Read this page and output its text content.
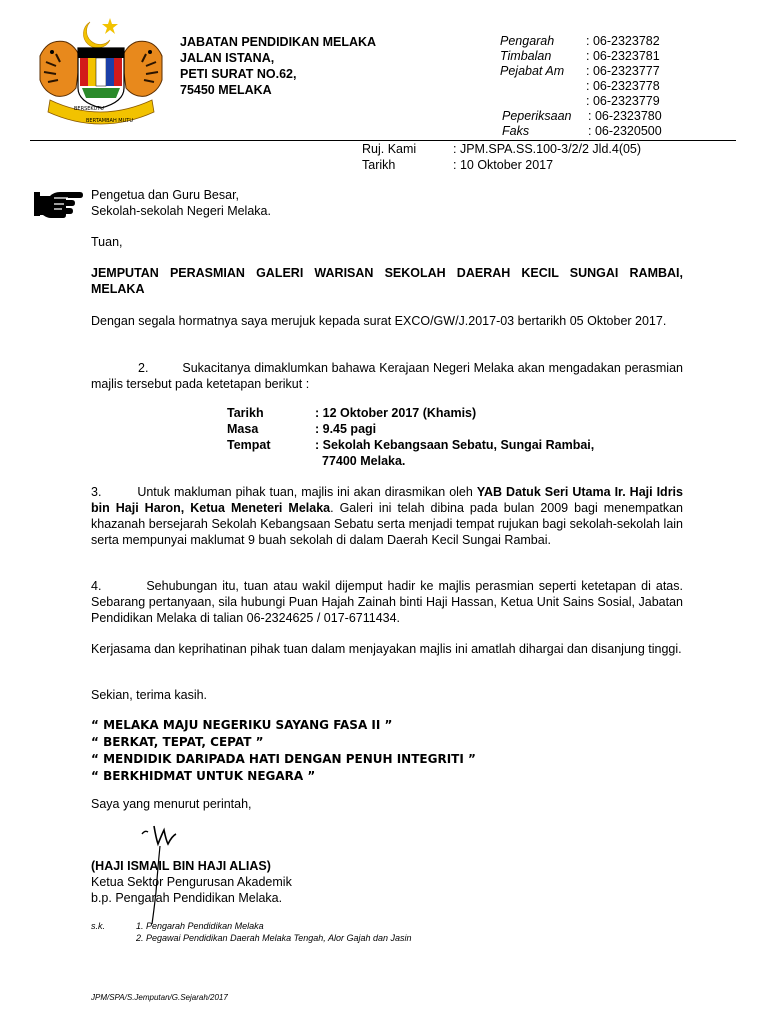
BERSEKUTU
BERTAMBAH MUTU
JABATAN PENDIDIKAN MELAKA
JALAN ISTANA,
PETI SURAT NO.62,
75450 MELAKA
Pengarah	: 06-2323782
Timbalan	: 06-2323781
Pejabat Am : 06-2323777
: 06-2323778
: 06-2323779
Peperiksaan : 06-2323780
Faks	: 06-2320500
Ruj. Kami	: JPM.SPA.SS.100-3/2/2 Jld.4(05)
Tarikh	: 10 Oktober 2017
Pengetua dan Guru Besar,
Sekolah-sekolah Negeri Melaka.
Tuan,
JEMPUTAN PERASMIAN GALERI WARISAN SEKOLAH DAERAH KECIL SUNGAI RAMBAI,
MELAKA
Dengan segala hormatnya saya merujuk kepada surat EXCO/GW/J.2017-03 bertarikh 05 Oktober 2017.
2.	Sukacitanya dimaklumkan bahawa Kerajaan Negeri Melaka akan mengadakan perasmian majlis tersebut pada ketetapan berikut :
Tarikh	: 12 Oktober 2017 (Khamis)
Masa	: 9.45 pagi
Tempat	: Sekolah Kebangsaan Sebatu, Sungai Rambai,
77400 Melaka.
3.	Untuk makluman pihak tuan, majlis ini akan dirasmikan oleh YAB Datuk Seri Utama Ir. Haji Idris bin Haji Haron, Ketua Meneteri Melaka. Galeri ini telah dibina pada bulan 2009 bagi menempatkan khazanah bersejarah Sekolah Kebangsaan Sebatu serta menjadi tempat rujukan bagi sekolah-sekolah lain serta mempunyai maklumat 9 buah sekolah di dalam Daerah Kecil Sungai Rambai.
4.	Sehubungan itu, tuan atau wakil dijemput hadir ke majlis perasmian seperti ketetapan di atas. Sebarang pertanyaan, sila hubungi Puan Hajah Zainah binti Haji Hassan, Ketua Unit Sains Sosial, Jabatan Pendidikan Melaka di talian 06-2324625 / 017-6711434.
Kerjasama dan keprihatinan pihak tuan dalam menjayakan majlis ini amatlah dihargai dan disanjung tinggi.
Sekian, terima kasih.
“ MELAKA MAJU NEGERIKU SAYANG FASA II ”
“ BERKAT, TEPAT, CEPAT ”
“ MENDIDIK DARIPADA HATI DENGAN PENUH INTEGRITI ”
“ BERKHIDMAT UNTUK NEGARA ”
Saya yang menurut perintah,
(HAJI ISMAIL BIN HAJI ALIAS)
Ketua Sektor Pengurusan Akademik
b.p. Pengarah Pendidikan Melaka.
s.k.	1. Pengarah Pendidikan Melaka
2. Pegawai Pendidikan Daerah Melaka Tengah, Alor Gajah dan Jasin
JPM/SPA/S.Jemputan/G.Sejarah/2017
